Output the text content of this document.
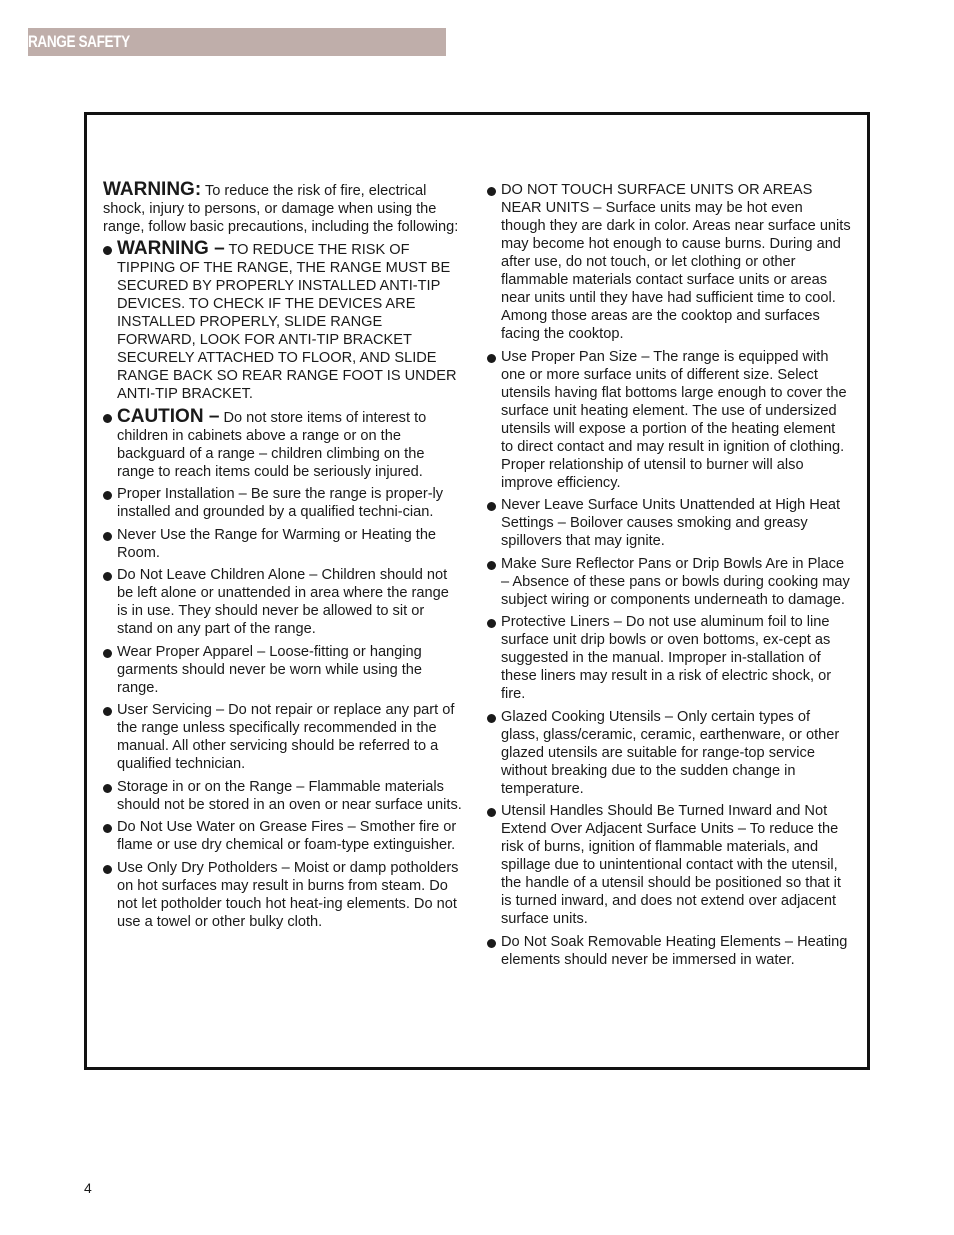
RANGE SAFETY

WARNING: To reduce the risk of fire, electrical shock, injury to persons, or damage when using the range, follow basic precautions, including the following:

WARNING – TO REDUCE THE RISK OF TIPPING OF THE RANGE, THE RANGE MUST BE SECURED BY PROPERLY INSTALLED ANTI-TIP DEVICES. TO CHECK IF THE DEVICES ARE INSTALLED PROPERLY, SLIDE RANGE FORWARD, LOOK FOR ANTI-TIP BRACKET SECURELY ATTACHED TO FLOOR, AND SLIDE RANGE BACK SO REAR RANGE FOOT IS UNDER ANTI-TIP BRACKET.
CAUTION – Do not store items of interest to children in cabinets above a range or on the backguard of a range – children climbing on the range to reach items could be seriously injured.
Proper Installation – Be sure the range is proper-ly installed and grounded by a qualified techni-cian.
Never Use the Range for Warming or Heating the Room.
Do Not Leave Children Alone – Children should not be left alone or unattended in area where the range is in use. They should never be allowed to sit or stand on any part of the range.
Wear Proper Apparel – Loose-fitting or hanging garments should never be worn while using the range.
User Servicing – Do not repair or replace any part of the range unless specifically recommended in the manual. All other servicing should be referred to a qualified technician.
Storage in or on the Range – Flammable materials should not be stored in an oven or near surface units.
Do Not Use Water on Grease Fires – Smother fire or flame or use dry chemical or foam-type extinguisher.
Use Only Dry Potholders – Moist or damp potholders on hot surfaces may result in burns from steam. Do not let potholder touch hot heat-ing elements. Do not use a towel or other bulky cloth.
DO NOT TOUCH SURFACE UNITS OR AREAS NEAR UNITS – Surface units may be hot even though they are dark in color. Areas near surface units may become hot enough to cause burns. During and after use, do not touch, or let clothing or other flammable materials contact surface units or areas near units until they have had sufficient time to cool. Among those areas are the cooktop and surfaces facing the cooktop.
Use Proper Pan Size – The range is equipped with one or more surface units of different size. Select utensils having flat bottoms large enough to cover the surface unit heating element. The use of undersized utensils will expose a portion of the heating element to direct contact and may result in ignition of clothing. Proper relationship of utensil to burner will also improve efficiency.
Never Leave Surface Units Unattended at High Heat Settings – Boilover causes smoking and greasy spillovers that may ignite.
Make Sure Reflector Pans or Drip Bowls Are in Place – Absence of these pans or bowls during cooking may subject wiring or components underneath to damage.
Protective Liners – Do not use aluminum foil to line surface unit drip bowls or oven bottoms, ex-cept as suggested in the manual. Improper in-stallation of these liners may result in a risk of electric shock, or fire.
Glazed Cooking Utensils – Only certain types of glass, glass/ceramic, ceramic, earthenware, or other glazed utensils are suitable for range-top service without breaking due to the sudden change in temperature.
Utensil Handles Should Be Turned Inward and Not Extend Over Adjacent Surface Units – To reduce the risk of burns, ignition of flammable materials, and spillage due to unintentional contact with the utensil, the handle of a utensil should be positioned so that it is turned inward, and does not extend over adjacent surface units.
Do Not Soak Removable Heating Elements – Heating elements should never be immersed in water.
4
